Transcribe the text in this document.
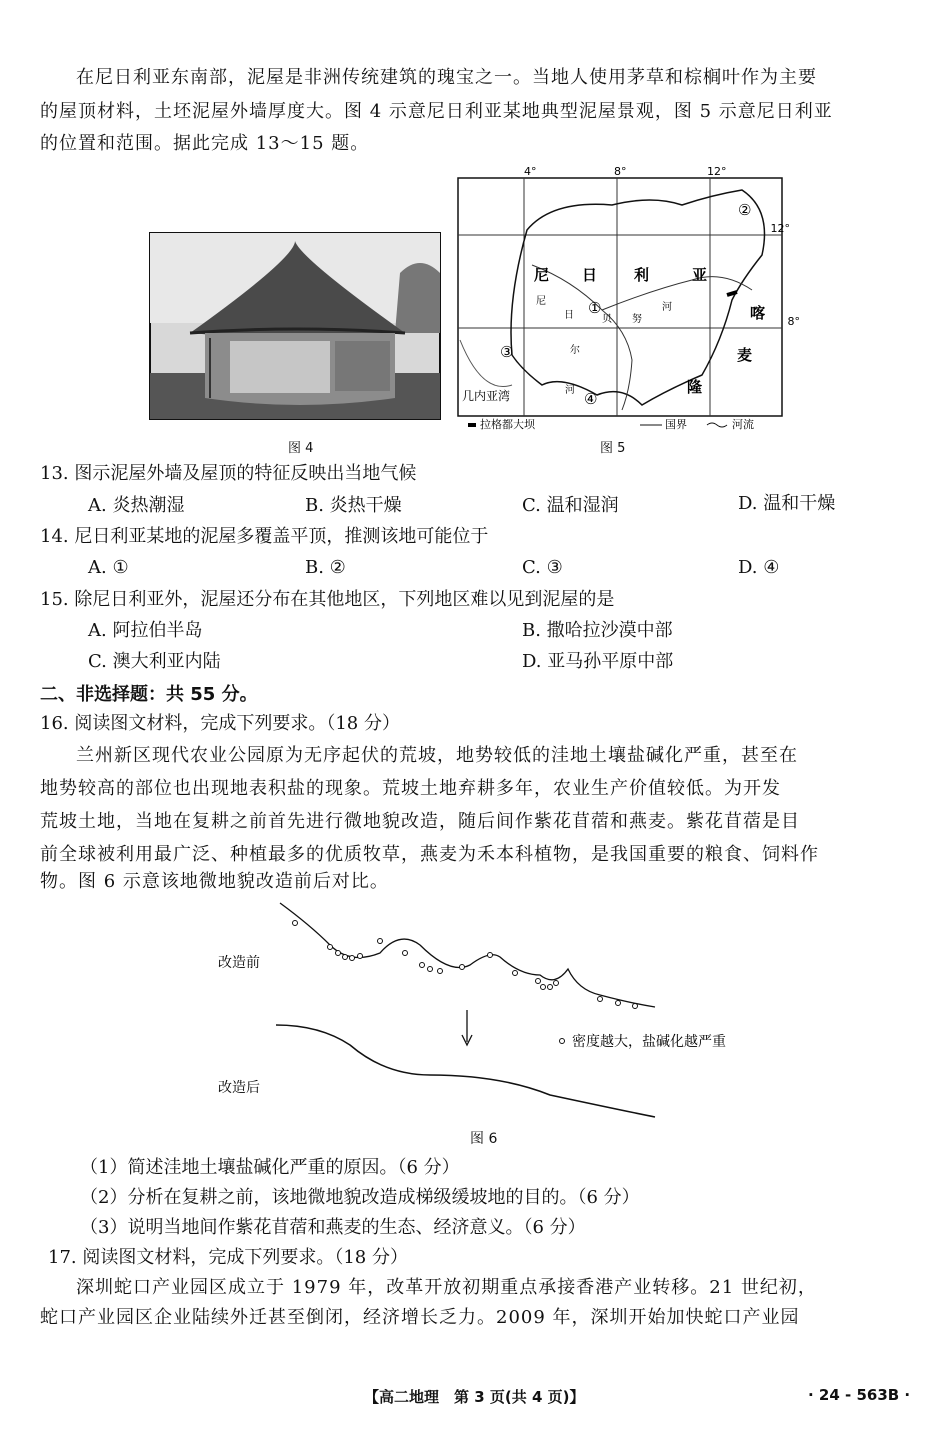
在尼日利亚东南部，泥屋是非洲传统建筑的瑰宝之一。当地人使用茅草和棕榈叶作为主要
的屋顶材料，土坯泥屋外墙厚度大。图 4 示意尼日利亚某地典型泥屋景观，图 5 示意尼日利亚
的位置和范围。据此完成 13～15 题。
图 4
4°	8°	12°
12°
8°
尼 日 利	亚
喀
麦
隆
几内亚湾
尼
日	贝 努
河
尔
河
②
①
③
④
拉格都大坝	国界	河流
图 5
13. 图示泥屋外墙及屋顶的特征反映出当地气候
A. 炎热潮湿	B. 炎热干燥	C. 温和湿润	D. 温和干燥
14. 尼日利亚某地的泥屋多覆盖平顶，推测该地可能位于
A. ①	B. ②	C. ③	D. ④
15. 除尼日利亚外，泥屋还分布在其他地区，下列地区难以见到泥屋的是
A. 阿拉伯半岛	B. 撒哈拉沙漠中部
C. 澳大利亚内陆	D. 亚马孙平原中部
二、非选择题：共 55 分。
16. 阅读图文材料，完成下列要求。（18 分）
兰州新区现代农业公园原为无序起伏的荒坡，地势较低的洼地土壤盐碱化严重，甚至在
地势较高的部位也出现地表积盐的现象。荒坡土地弃耕多年，农业生产价值较低。为开发
荒坡土地，当地在复耕之前首先进行微地貌改造，随后间作紫花苜蓿和燕麦。紫花苜蓿是目
前全球被利用最广泛、种植最多的优质牧草，燕麦为禾本科植物，是我国重要的粮食、饲料作
物。图 6 示意该地微地貌改造前后对比。
改造前
密度越大，盐碱化越严重
改造后
图 6
（1）简述洼地土壤盐碱化严重的原因。（6 分）
（2）分析在复耕之前，该地微地貌改造成梯级缓坡地的目的。（6 分）
（3）说明当地间作紫花苜蓿和燕麦的生态、经济意义。（6 分）
17. 阅读图文材料，完成下列要求。（18 分）
深圳蛇口产业园区成立于 1979 年，改革开放初期重点承接香港产业转移。21 世纪初，
蛇口产业园区企业陆续外迁甚至倒闭，经济增长乏力。2009 年，深圳开始加快蛇口产业园
【高二地理　第 3 页(共 4 页)】	· 24 - 563B ·
